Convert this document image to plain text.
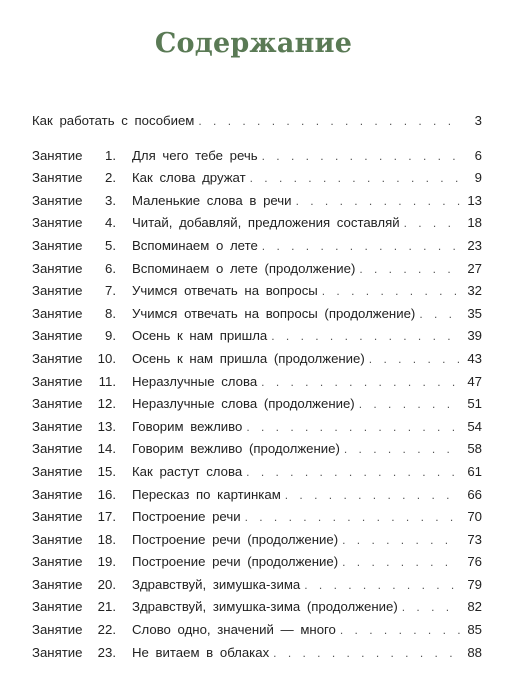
Содержание
Как работать с пособием . . .	3
Занятие 1. Для чего тебе речь . . .	6
Занятие 2. Как слова дружат . . .	9
Занятие 3. Маленькие слова в речи . . .	13
Занятие 4. Читай, добавляй, предложения составляй . . .	18
Занятие 5. Вспоминаем о лете . . .	23
Занятие 6. Вспоминаем о лете (продолжение) . . .	27
Занятие 7. Учимся отвечать на вопросы . . .	32
Занятие 8. Учимся отвечать на вопросы (продолжение) . . .	35
Занятие 9. Осень к нам пришла . . .	39
Занятие 10. Осень к нам пришла (продолжение) . . .	43
Занятие 11. Неразлучные слова . . .	47
Занятие 12. Неразлучные слова (продолжение) . . .	51
Занятие 13. Говорим вежливо . . .	54
Занятие 14. Говорим вежливо (продолжение) . . .	58
Занятие 15. Как растут слова . . .	61
Занятие 16. Пересказ по картинкам . . .	66
Занятие 17. Построение речи . . .	70
Занятие 18. Построение речи (продолжение) . . .	73
Занятие 19. Построение речи (продолжение) . . .	76
Занятие 20. Здравствуй, зимушка-зима . . .	79
Занятие 21. Здравствуй, зимушка-зима (продолжение) . . .	82
Занятие 22. Слово одно, значений — много . . .	85
Занятие 23. Не витаем в облаках . . .	88
